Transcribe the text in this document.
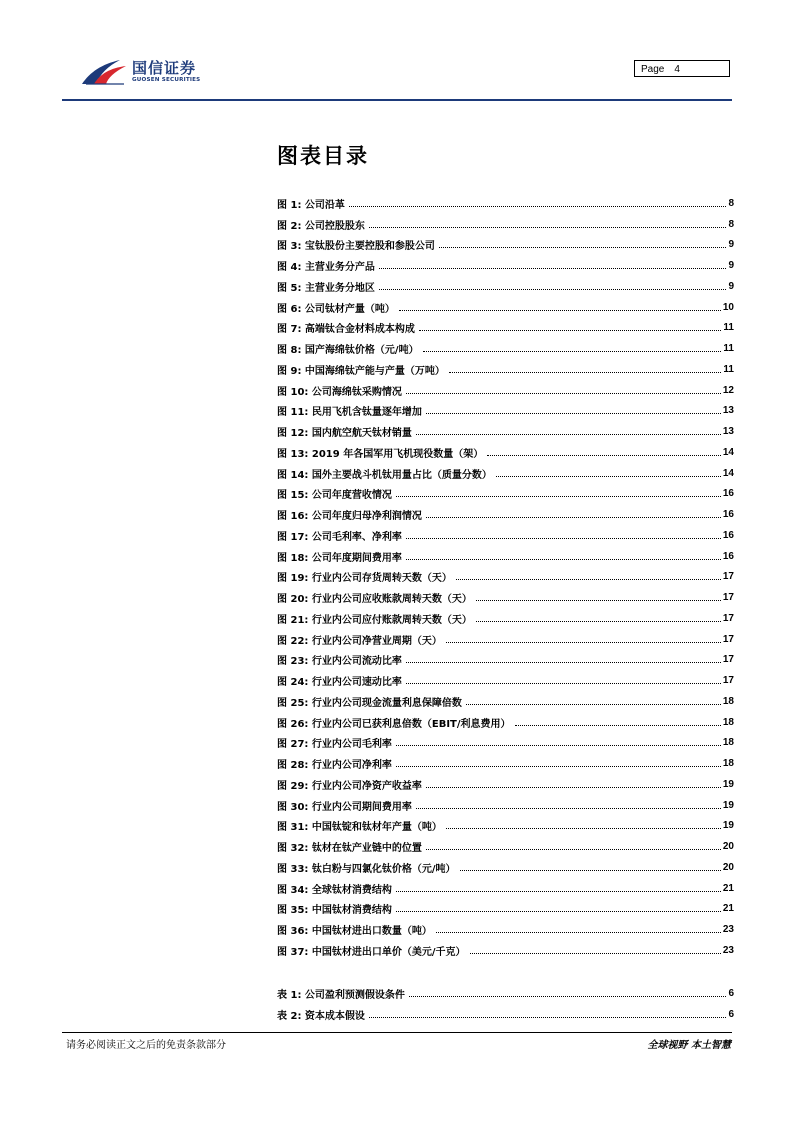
国信证券
GUOSEN SECURITIES
Page 4
图表目录
图 1: 公司沿革	8
图 2: 公司控股股东	8
图 3: 宝钛股份主要控股和参股公司	9
图 4: 主营业务分产品	9
图 5: 主营业务分地区	9
图 6: 公司钛材产量（吨）	10
图 7: 高端钛合金材料成本构成	11
图 8: 国产海绵钛价格（元/吨）	11
图 9: 中国海绵钛产能与产量（万吨）	11
图 10: 公司海绵钛采购情况	12
图 11: 民用飞机含钛量逐年增加	13
图 12: 国内航空航天钛材销量	13
图 13: 2019 年各国军用飞机现役数量（架）	14
图 14: 国外主要战斗机钛用量占比（质量分数）	14
图 15: 公司年度营收情况	16
图 16: 公司年度归母净利润情况	16
图 17: 公司毛利率、净利率	16
图 18: 公司年度期间费用率	16
图 19: 行业内公司存货周转天数（天）	17
图 20: 行业内公司应收账款周转天数（天）	17
图 21: 行业内公司应付账款周转天数（天）	17
图 22: 行业内公司净营业周期（天）	17
图 23: 行业内公司流动比率	17
图 24: 行业内公司速动比率	17
图 25: 行业内公司现金流量利息保障倍数	18
图 26: 行业内公司已获利息倍数（EBIT/利息费用）	18
图 27: 行业内公司毛利率	18
图 28: 行业内公司净利率	18
图 29: 行业内公司净资产收益率	19
图 30: 行业内公司期间费用率	19
图 31: 中国钛锭和钛材年产量（吨）	19
图 32: 钛材在钛产业链中的位置	20
图 33: 钛白粉与四氯化钛价格（元/吨）	20
图 34: 全球钛材消费结构	21
图 35: 中国钛材消费结构	21
图 36: 中国钛材进出口数量（吨）	23
图 37: 中国钛材进出口单价（美元/千克）	23
表 1: 公司盈利预测假设条件	6
表 2: 资本成本假设	6
请务必阅读正文之后的免责条款部分	全球视野 本土智慧
